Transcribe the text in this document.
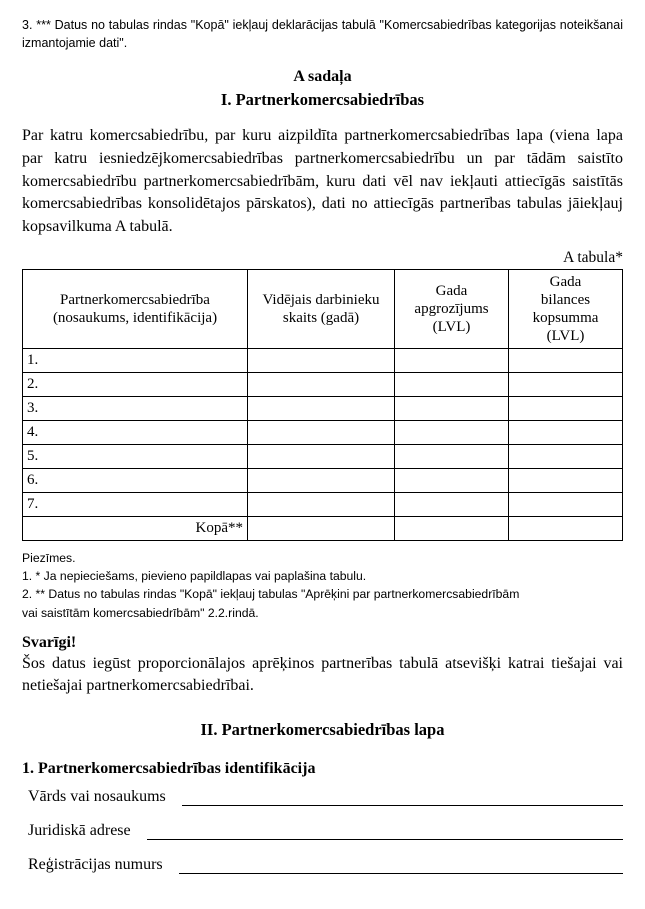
3. *** Datus no tabulas rindas "Kopā" iekļauj deklarācijas tabulā "Komercsabiedrības kategorijas noteikšanai izmantojamie dati".

A sadaļa
I. Partnerkomercsabiedrības

Par katru komercsabiedrību, par kuru aizpildīta partnerkomercsabiedrības lapa (viena lapa par katru iesniedzējkomercsabiedrības partnerkomercsabiedrību un par tādām saistīto komercsabiedrību partnerkomercsabiedrībām, kuru dati vēl nav iekļauti attiecīgās saistītās komercsabiedrības konsolidētajos pārskatos), dati no attiecīgās partnerības tabulas jāiekļauj kopsavilkuma A tabulā.

A tabula*
Partnerkomercsabiedrība
(nosaukums, identifikācija)

Vidējais darbinieku
skaits (gadā)

Gada
apgrozījums
(LVL)

Gada
bilances
kopsumma
(LVL)

1.			
2.			
3.			
4.			
5.			
6.			
7.			
Kopā**			
Piezīmes.
1. * Ja nepieciešams, pievieno papildlapas vai paplašina tabulu.
2. ** Datus no tabulas rindas "Kopā" iekļauj tabulas "Aprēķini par partnerkomercsabiedrībām
vai saistītām komercsabiedrībām" 2.2.rindā.
Svarīgi!
Šos datus iegūst proporcionālajos aprēķinos partnerības tabulā atsevišķi katrai tiešajai vai netiešajai partnerkomercsabiedrībai.
II. Partnerkomercsabiedrības lapa
1. Partnerkomercsabiedrības identifikācija
Vārds vai nosaukums
Juridiskā adrese
Reģistrācijas numurs
